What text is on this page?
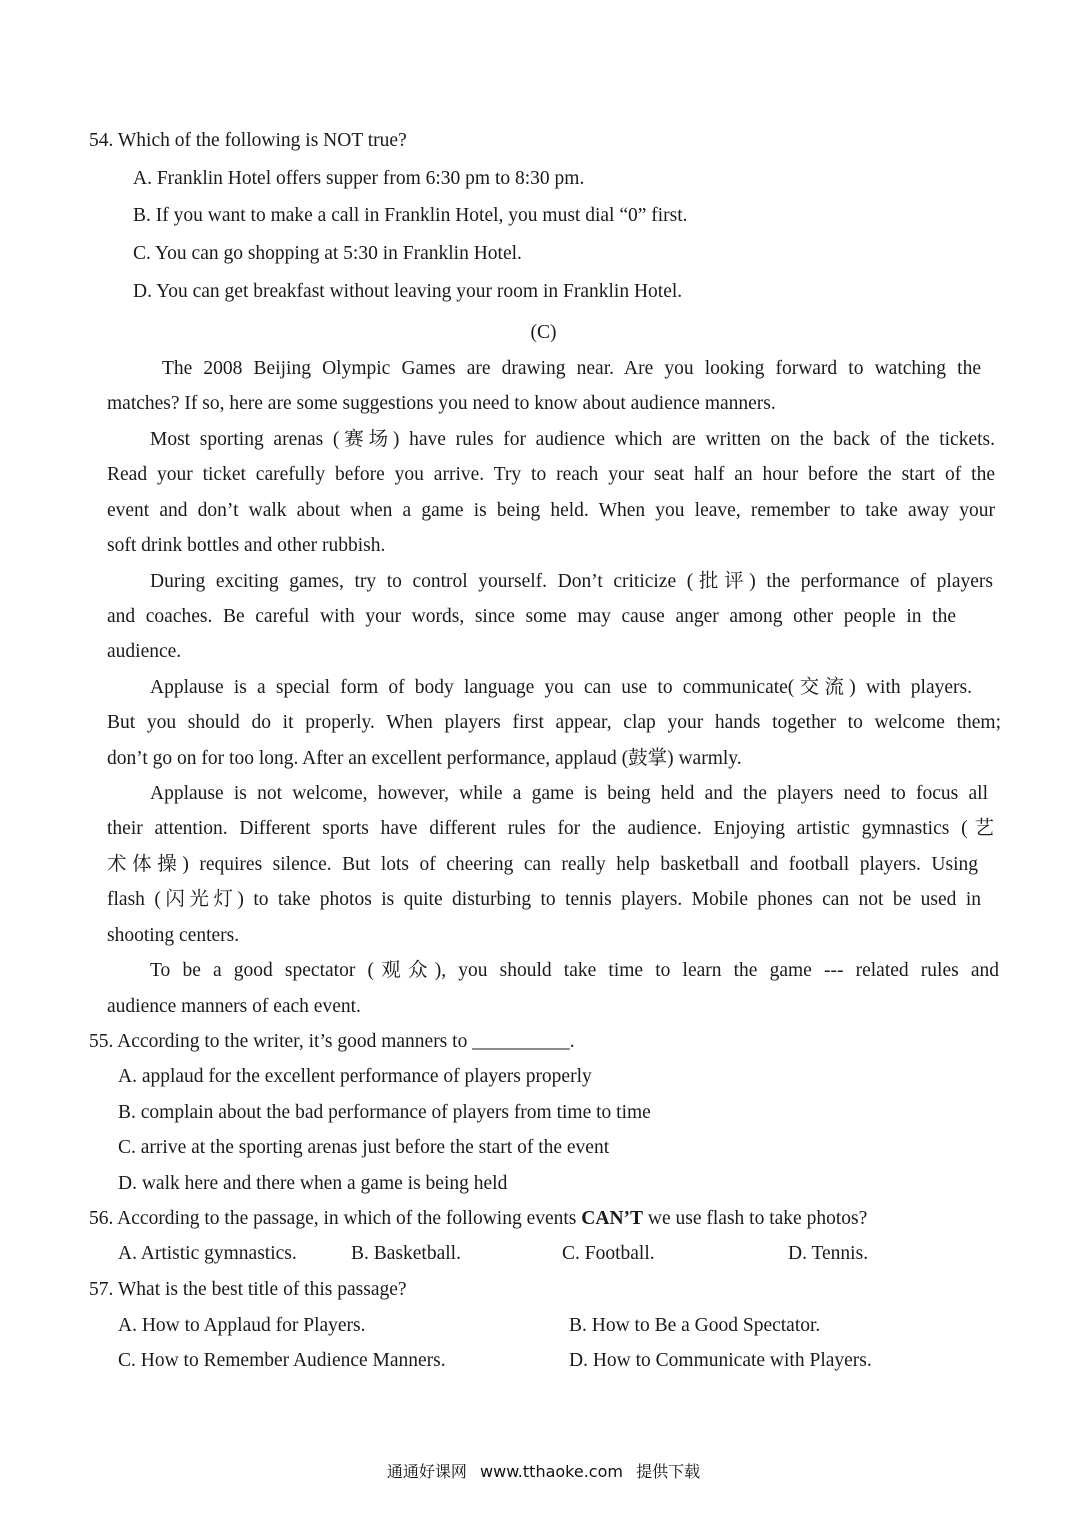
54. Which of the following is NOT true?
A. Franklin Hotel offers supper from 6:30 pm to 8:30 pm.
B. If you want to make a call in Franklin Hotel, you must dial “0” first.
C. You can go shopping at 5:30 in Franklin Hotel.
D. You can get breakfast without leaving your room in Franklin Hotel.
(C)
The 2008 Beijing Olympic Games are drawing near. Are you looking forward to watching the
matches? If so, here are some suggestions you need to know about audience manners.
Most sporting arenas (赛场) have rules for audience which are written on the back of the tickets.
Read your ticket carefully before you arrive. Try to reach your seat half an hour before the start of the
event and don’t walk about when a game is being held. When you leave, remember to take away your
soft drink bottles and other rubbish.
During exciting games, try to control yourself. Don’t criticize (批评) the performance of players
and coaches. Be careful with your words, since some may cause anger among other people in the
audience.
Applause is a special form of body language you can use to communicate(交流) with players.
But you should do it properly. When players first appear, clap your hands together to welcome them;
don’t go on for too long. After an excellent performance, applaud (鼓掌) warmly.
Applause is not welcome, however, while a game is being held and the players need to focus all
their attention. Different sports have different rules for the audience. Enjoying artistic gymnastics (艺
术体操) requires silence. But lots of cheering can really help basketball and football players. Using
flash (闪光灯) to take photos is quite disturbing to tennis players. Mobile phones can not be used in
shooting centers.
To be a good spectator (观众), you should take time to learn the game --- related rules and
audience manners of each event.
55. According to the writer, it’s good manners to __________.
A. applaud for the excellent performance of players properly
B. complain about the bad performance of players from time to time
C. arrive at the sporting arenas just before the start of the event
D. walk here and there when a game is being held
56. According to the passage, in which of the following events CAN’T we use flash to take photos?
A. Artistic gymnastics.	B. Basketball.	C. Football.	D. Tennis.
57. What is the best title of this passage?
A. How to Applaud for Players.	B. How to Be a Good Spectator.
C. How to Remember Audience Manners.	D. How to Communicate with Players.
通通好课网 www.tthaoke.com 提供下载
